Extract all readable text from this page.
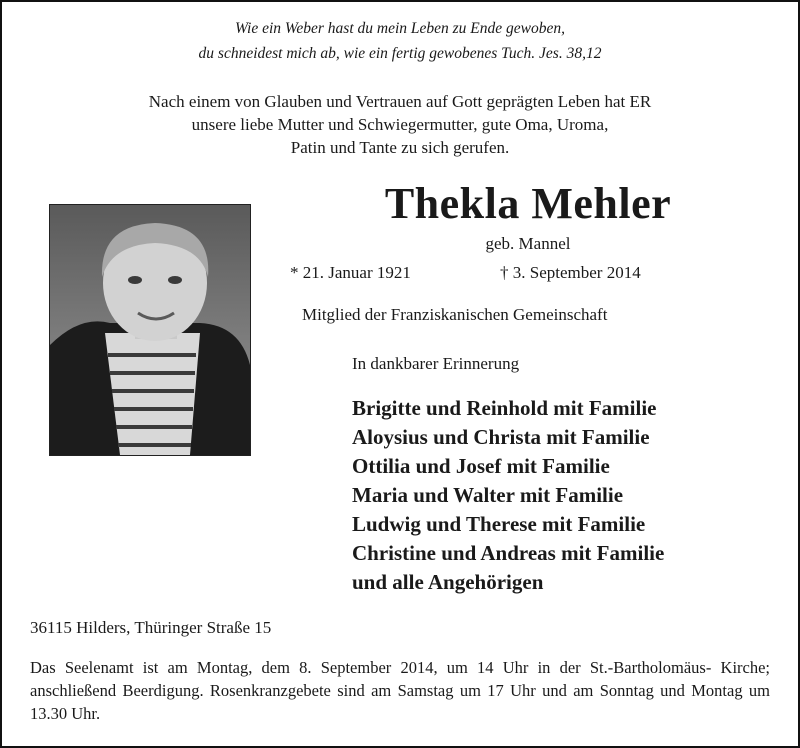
Wie ein Weber hast du mein Leben zu Ende gewoben,
du schneidest mich ab, wie ein fertig gewobenes Tuch. Jes. 38,12
Nach einem von Glauben und Vertrauen auf Gott geprägten Leben hat ER
unsere liebe Mutter und Schwiegermutter, gute Oma, Uroma,
Patin und Tante zu sich gerufen.
Thekla Mehler
geb. Mannel
* 21. Januar 1921	† 3. September 2014
Mitglied der Franziskanischen Gemeinschaft
In dankbarer Erinnerung
Brigitte und Reinhold mit Familie
Aloysius und Christa mit Familie
Ottilia und Josef mit Familie
Maria und Walter mit Familie
Ludwig und Therese mit Familie
Christine und Andreas mit Familie
und alle Angehörigen
36115 Hilders, Thüringer Straße 15
Das Seelenamt ist am Montag, dem 8. September 2014, um 14 Uhr in der St.-Bartholomäus- Kirche; anschließend Beerdigung. Rosenkranzgebete sind am Samstag um 17 Uhr und am Sonntag und Montag um 13.30 Uhr.
